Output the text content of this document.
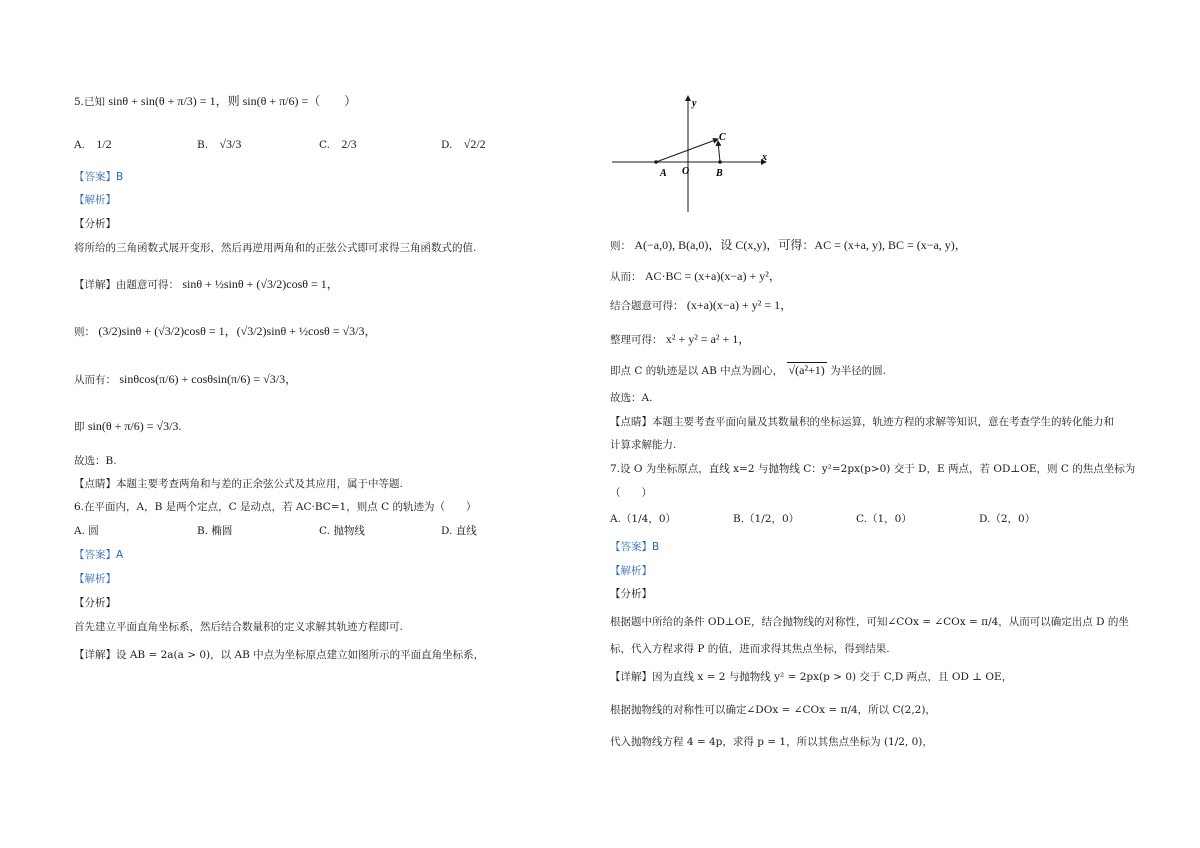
5.已知 sinθ + sin(θ + π/3) = 1，则 sin(θ + π/6) =（　　）
A. 1/2	B. √3/3	C. 2/3	D. √2/2
【答案】B
【解析】
【分析】
将所给的三角函数式展开变形，然后再逆用两角和的正弦公式即可求得三角函数式的值.
【详解】由题意可得： sinθ + ½sinθ + (√3/2)cosθ = 1，
则： (3/2)sinθ + (√3/2)cosθ = 1，(√3/2)sinθ + ½cosθ = √3/3，
从而有： sinθcos(π/6) + cosθsin(π/6) = √3/3，
即 sin(θ + π/6) = √3/3.
故选：B.
【点睛】本题主要考查两角和与差的正余弦公式及其应用，属于中等题.
6.在平面内，A，B 是两个定点，C 是动点，若 AC·BC=1，则点 C 的轨迹为（　　）
A. 圆	B. 椭圆	C. 抛物线	D. 直线
【答案】A
【解析】
【分析】
首先建立平面直角坐标系，然后结合数量积的定义求解其轨迹方程即可.
【详解】设 AB = 2a(a > 0)，以 AB 中点为坐标原点建立如图所示的平面直角坐标系，
y
x
A O	B
C
则： A(−a,0), B(a,0)，设 C(x,y)，可得：AC = (x+a, y), BC = (x−a, y)，
从而： AC·BC = (x+a)(x−a) + y²，
结合题意可得： (x+a)(x−a) + y² = 1，
整理可得： x² + y² = a² + 1，
即点 C 的轨迹是以 AB 中点为圆心， √(a²+1) 为半径的圆.
故选：A.
【点睛】本题主要考查平面向量及其数量积的坐标运算，轨迹方程的求解等知识，意在考查学生的转化能力和
计算求解能力.
7.设 O 为坐标原点，直线 x=2 与抛物线 C：y²=2px(p>0) 交于 D，E 两点，若 OD⊥OE，则 C 的焦点坐标为
（　　）
A.（1/4，0）	B.（1/2，0）	C.（1，0）	D.（2，0）
【答案】B
【解析】
【分析】
根据题中所给的条件 OD⊥OE，结合抛物线的对称性，可知∠COx = ∠COx = π/4，从而可以确定出点 D 的坐
标，代入方程求得 P 的值，进而求得其焦点坐标，得到结果.
【详解】因为直线 x = 2 与抛物线 y² = 2px(p > 0) 交于 C,D 两点，且 OD ⊥ OE，
根据抛物线的对称性可以确定∠DOx = ∠COx = π/4，所以 C(2,2)，
代入抛物线方程 4 = 4p，求得 p = 1，所以其焦点坐标为 (1/2, 0)，
